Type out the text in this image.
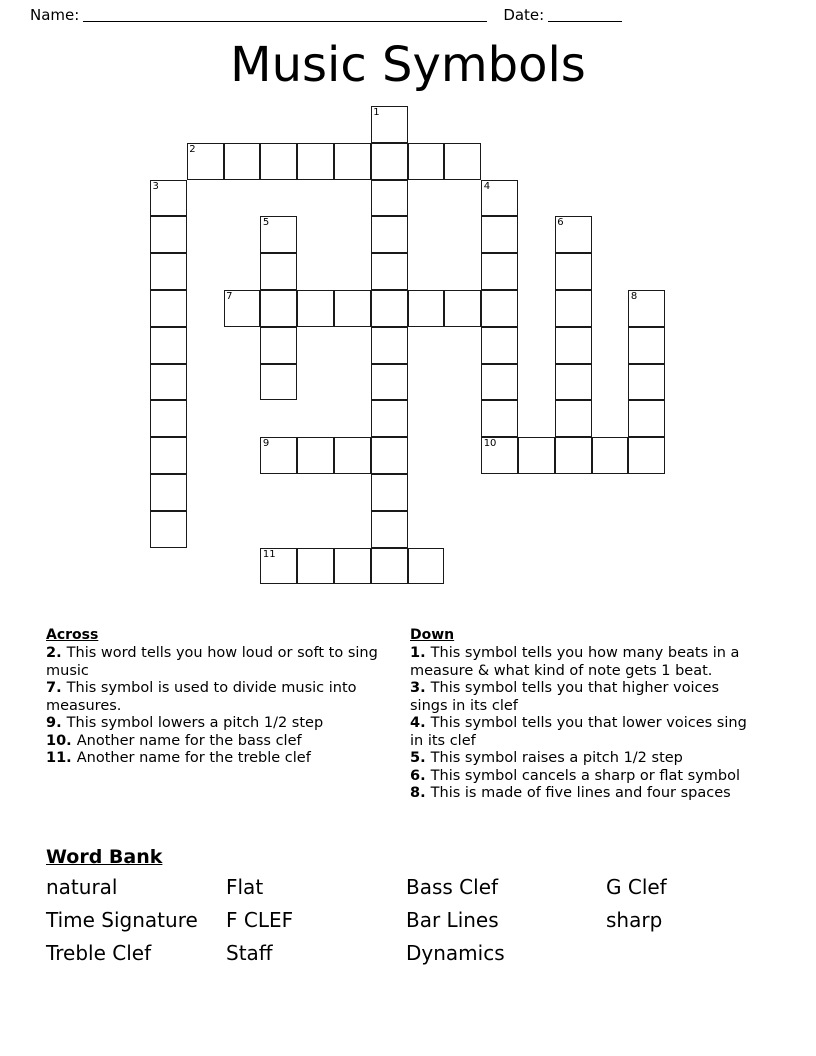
Name:	Date:
Music Symbols
1
2
3	4
5	6
7	8
9	10
11
Across

2. This word tells you how loud or soft to sing music

7. This symbol is used to divide music into measures.

9. This symbol lowers a pitch 1/2 step

10. Another name for the bass clef

11. Another name for the treble clef

Down

1. This symbol tells you how many beats in a measure & what kind of note gets 1 beat.

3. This symbol tells you that higher voices sings in its clef

4. This symbol tells you that lower voices sing in its clef

5. This symbol raises a pitch 1/2 step

6. This symbol cancels a sharp or flat symbol

8. This is made of five lines and four spaces

Word Bank
natural	Flat	Bass Clef	G Clef
Time Signature	F CLEF	Bar Lines	sharp
Treble Clef	Staff	Dynamics
